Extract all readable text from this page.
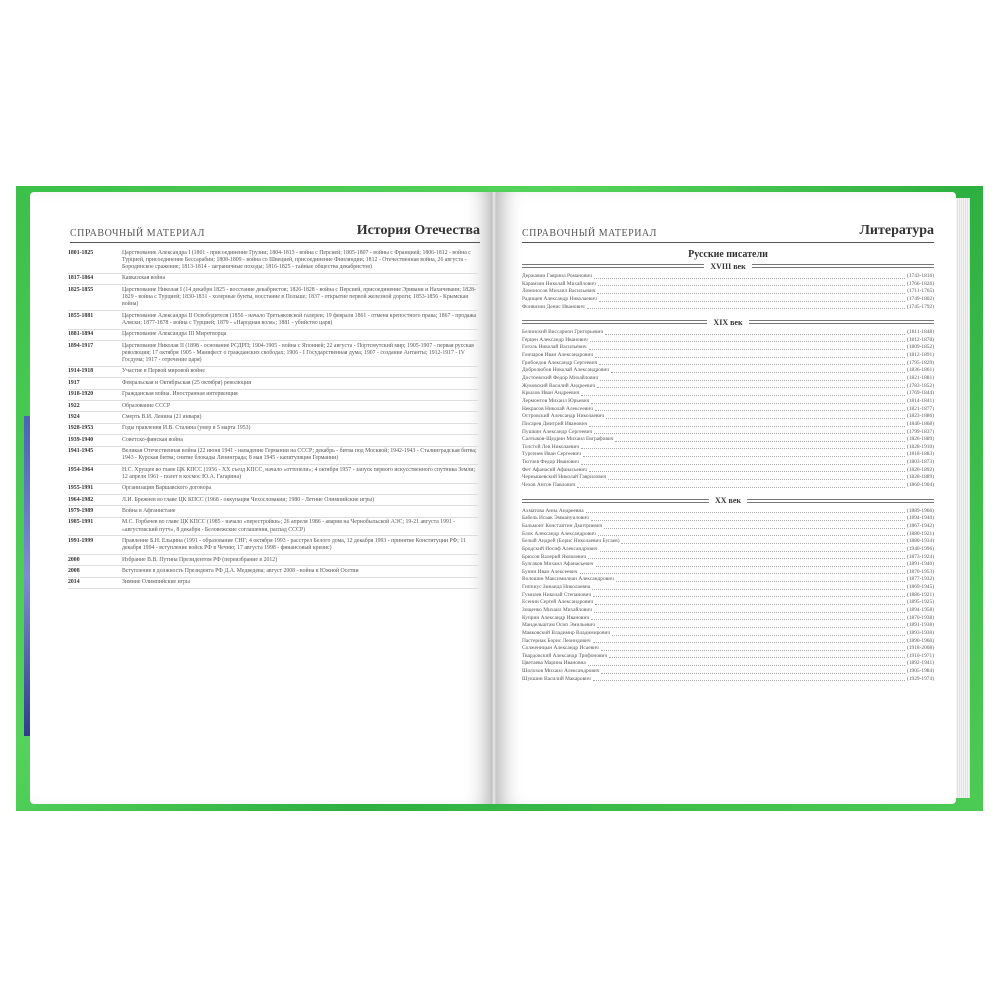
СПРАВОЧНЫЙ МАТЕРИАЛ	История Отечества
1801-1825	Царствование Александра I (1801 - присоединение Грузии; 1804-1813 - война с Персией; 1805-1807 - войны с Францией; 1806-1812 - война с Турцией, присоединение Бессарабии; 1808-1809 - война со Швецией, присоединение Финляндии; 1812 - Отечественная война, 26 августа - Бородинское сражение; 1813-1814 - заграничные походы; 1816-1825 - тайные общества декабристов)
1817-1864	Кавказская война
1825-1855	Царствование Николая I (14 декабря 1825 - восстание декабристов; 1826-1828 - война с Персией, присоединение Эривани и Нахичевани; 1828-1829 - война с Турцией; 1830-1831 - холерные бунты, восстание в Польше; 1837 - открытие первой железной дороги; 1853-1856 - Крымская война)
1855-1881	Царствование Александра II Освободителя (1856 - начало Третьяковской галереи; 19 февраля 1861 - отмена крепостного права; 1867 - продажа Аляски; 1877-1878 - война с Турцией; 1879 - «Народная воля»; 1881 - убийство царя)
1881-1894	Царствование Александра III Миротворца
1894-1917	Царствование Николая II (1898 - основание РСДРП; 1904-1905 - война с Японией; 22 августа - Портсмутский мир; 1905-1907 - первая русская революция; 17 октября 1905 - Манифест о гражданских свободах; 1906 - I Государственная дума; 1907 - создание Антанты; 1912-1917 - IV Госдума; 1917 - отречение царя)
1914-1918	Участие в Первой мировой войне
1917	Февральская и Октябрьская (25 октября) революции
1918-1920	Гражданская война. Иностранная интервенция
1922	Образование СССР
1924	Смерть В.И. Ленина (21 января)
1928-1953	Годы правления И.В. Сталина (умер в 5 марта 1953)
1939-1940	Советско-финская война
1941-1945	Великая Отечественная война (22 июня 1941 - нападение Германии на СССР; декабрь - битва под Москвой; 1942-1943 - Сталинградская битва; 1943 - Курская битва; снятие блокады Ленинграда; 8 мая 1945 - капитуляция Германии)
1954-1964	Н.С. Хрущев во главе ЦК КПСС (1956 - XX съезд КПСС, начало «оттепели»; 4 октября 1957 - запуск первого искусственного спутника Земли; 12 апреля 1961 - полет в космос Ю.А. Гагарина)
1955-1991	Организация Варшавского договора
1964-1982	Л.И. Брежнев во главе ЦК КПСС (1968 - оккупация Чехословакии; 1980 - Летние Олимпийские игры)
1979-1989	Война в Афганистане
1985-1991	М.С. Горбачев во главе ЦК КПСС (1985 - начало «перестройки»; 26 апреля 1986 - авария на Чернобыльской АЭС; 19-21 августа 1991 - «августовский путч», 8 декабря - Беловежские соглашения, распад СССР)
1991-1999	Правление Б.Н. Ельцина (1991 - образование СНГ; 4 октября 1993 - расстрел Белого дома, 12 декабря 1993 - принятие Конституции РФ; 11 декабря 1994 - вступление войск РФ в Чечню; 17 августа 1998 - финансовый кризис)
2000	Избрание В.В. Путина Президентом РФ (переизбрание в 2012)
2008	Вступление в должность Президента РФ Д.А. Медведева; август 2008 - война в Южной Осетии
2014	Зимние Олимпийские игры
СПРАВОЧНЫЙ МАТЕРИАЛ	Литература
Русские писатели
XVIII век
Державин Гавриил Романович	(1743-1816)
Карамзин Николай Михайлович	(1766-1826)
Ломоносов Михаил Васильевич	(1711-1765)
Радищев Александр Николаевич	(1749-1802)
Фонвизин Денис Иванович	(1745-1792)
XIX век
Белинский Виссарион Григорьевич	(1811-1848)
Герцен Александр Иванович	(1812-1870)
Гоголь Николай Васильевич	(1809-1852)
Гончаров Иван Александрович	(1812-1891)
Грибоедов Александр Сергеевич	(1795-1829)
Добролюбов Николай Александрович	(1836-1861)
Достоевский Федор Михайлович	(1821-1881)
Жуковский Василий Андреевич	(1783-1852)
Крылов Иван Андреевич	(1769-1844)
Лермонтов Михаил Юрьевич	(1814-1841)
Некрасов Николай Алексеевич	(1821-1877)
Островский Александр Николаевич	(1823-1886)
Писарев Дмитрий Иванович	(1840-1868)
Пушкин Александр Сергеевич	(1799-1837)
Салтыков-Щедрин Михаил Евграфович	(1826-1889)
Толстой Лев Николаевич	(1828-1910)
Тургенев Иван Сергеевич	(1818-1883)
Тютчев Федор Иванович	(1803-1873)
Фет Афанасий Афанасьевич	(1820-1892)
Чернышевский Николай Гаврилович	(1828-1889)
Чехов Антон Павлович	(1860-1904)
XX век
Ахматова Анна Андреевна	(1889-1966)
Бабель Исаак Эммануилович	(1894-1940)
Бальмонт Константин Дмитриевич	(1867-1942)
Блок Александр Александрович	(1880-1921)
Белый Андрей (Борис Николаевич Бугаев)	(1880-1934)
Бродский Иосиф Александрович	(1940-1996)
Брюсов Валерий Яковлевич	(1873-1924)
Булгаков Михаил Афанасьевич	(1891-1940)
Бунин Иван Алексеевич	(1870-1953)
Волошин Максимилиан Александрович	(1877-1932)
Гиппиус Зинаида Николаевна	(1869-1945)
Гумилев Николай Степанович	(1886-1921)
Есенин Сергей Александрович	(1895-1925)
Зощенко Михаил Михайлович	(1894-1958)
Куприн Александр Иванович	(1870-1938)
Мандельштам Осип Эмильевич	(1891-1938)
Маяковский Владимир Владимирович	(1893-1930)
Пастернак Борис Леонидович	(1890-1960)
Солженицын Александр Исаевич	(1918-2008)
Твардовский Александр Трифонович	(1910-1971)
Цветаева Марина Ивановна	(1892-1941)
Шолохов Михаил Александрович	(1905-1984)
Шукшин Василий Макарович	(1929-1974)
